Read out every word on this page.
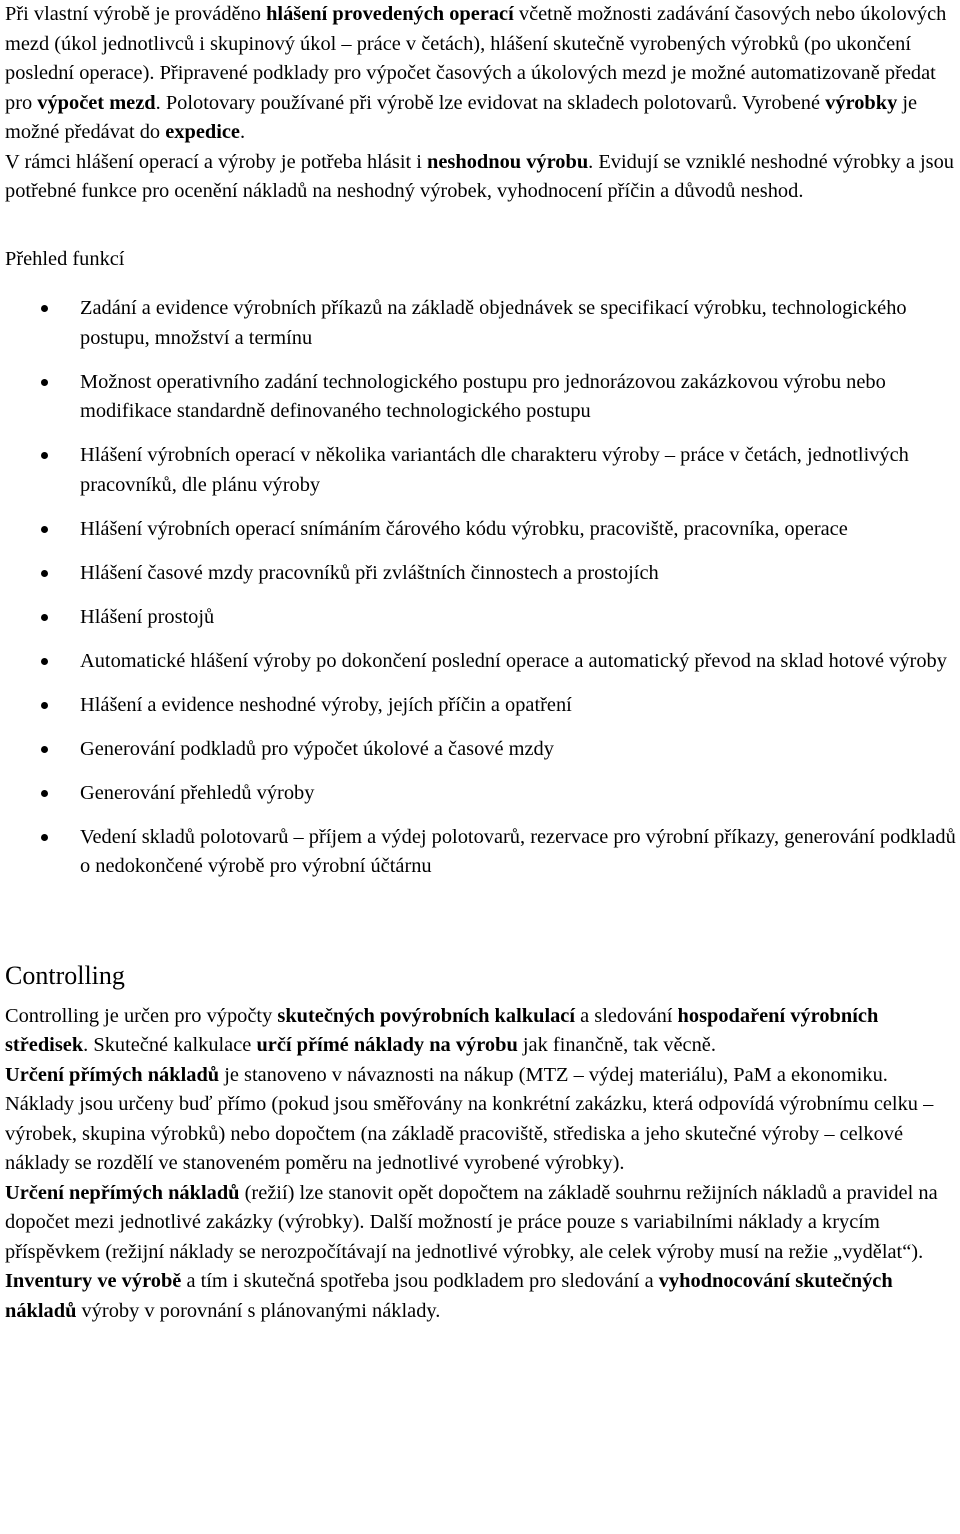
Při vlastní výrobě je prováděno hlášení provedených operací včetně možnosti zadávání časových nebo úkolových mezd (úkol jednotlivců i skupinový úkol – práce v četách), hlášení skutečně vyrobených výrobků (po ukončení poslední operace). Připravené podklady pro výpočet časových a úkolových mezd je možné automatizovaně předat pro výpočet mezd. Polotovary používané při výrobě lze evidovat na skladech polotovarů. Vyrobené výrobky je možné předávat do expedice.

V rámci hlášení operací a výroby je potřeba hlásit i neshodnou výrobu. Evidují se vzniklé neshodné výrobky a jsou potřebné funkce pro ocenění nákladů na neshodný výrobek, vyhodnocení příčin a důvodů neshod.

Přehled funkcí

Zadání a evidence výrobních příkazů na základě objednávek se specifikací výrobku, technologického postupu, množství a termínu
Možnost operativního zadání technologického postupu pro jednorázovou zakázkovou výrobu nebo modifikace standardně definovaného technologického postupu
Hlášení výrobních operací v několika variantách dle charakteru výroby – práce v četách, jednotlivých pracovníků, dle plánu výroby
Hlášení výrobních operací snímáním čárového kódu výrobku, pracoviště, pracovníka, operace
Hlášení časové mzdy pracovníků při zvláštních činnostech a prostojích
Hlášení prostojů
Automatické hlášení výroby po dokončení poslední operace a automatický převod na sklad hotové výroby
Hlášení a evidence neshodné výroby, jejích příčin a opatření
Generování podkladů pro výpočet úkolové a časové mzdy
Generování přehledů výroby
Vedení skladů polotovarů – příjem a výdej polotovarů, rezervace pro výrobní příkazy, generování podkladů o nedokončené výrobě pro výrobní účtárnu
Controlling

Controlling je určen pro výpočty skutečných povýrobních kalkulací a sledování hospodaření výrobních středisek. Skutečné kalkulace určí přímé náklady na výrobu jak finančně, tak věcně.

Určení přímých nákladů je stanoveno v návaznosti na nákup (MTZ – výdej materiálu), PaM a ekonomiku. Náklady jsou určeny buď přímo (pokud jsou směřovány na konkrétní zakázku, která odpovídá výrobnímu celku – výrobek, skupina výrobků) nebo dopočtem (na základě pracoviště, střediska a jeho skutečné výroby – celkové náklady se rozdělí ve stanoveném poměru na jednotlivé vyrobené výrobky).

Určení nepřímých nákladů (režií) lze stanovit opět dopočtem na základě souhrnu režijních nákladů a pravidel na dopočet mezi jednotlivé zakázky (výrobky). Další možností je práce pouze s variabilními náklady a krycím příspěvkem (režijní náklady se nerozpočítávají na jednotlivé výrobky, ale celek výroby musí na režie „vydělat“).

Inventury ve výrobě a tím i skutečná spotřeba jsou podkladem pro sledování a vyhodnocování skutečných nákladů výroby v porovnání s plánovanými náklady.
